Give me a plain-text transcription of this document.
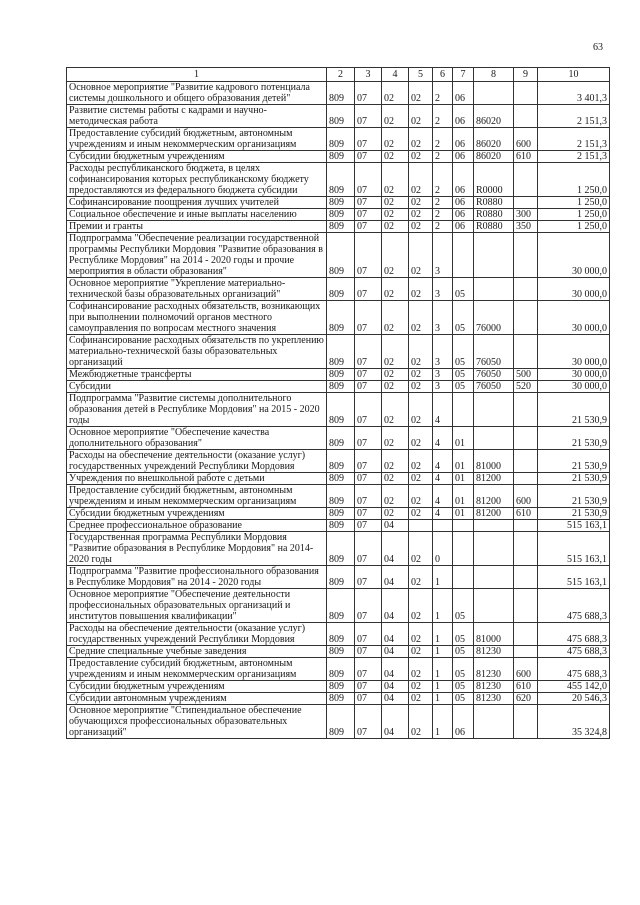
63
1	2	3	4	5	6	7	8	9	10
Основное мероприятие "Развитие кадрового потенциала системы дошкольного и общего образования детей"	809	07	02	02	2	06			3 401,3
Развитие системы работы с кадрами и научно-методическая работа	809	07	02	02	2	06	86020		2 151,3
Предоставление субсидий бюджетным, автономным учреждениям и иным некоммерческим организациям	809	07	02	02	2	06	86020	600	2 151,3
Субсидии бюджетным учреждениям	809	07	02	02	2	06	86020	610	2 151,3
Расходы республиканского бюджета, в целях софинансирования которых республиканскому бюджету предоставляются из федерального бюджета субсидии	809	07	02	02	2	06	R0000		1 250,0
Софинансирование поощрения лучших учителей	809	07	02	02	2	06	R0880		1 250,0
Социальное обеспечение и иные выплаты населению	809	07	02	02	2	06	R0880	300	1 250,0
Премии и гранты	809	07	02	02	2	06	R0880	350	1 250,0
Подпрограмма "Обеспечение реализации государственной программы Республики Мордовия "Развитие образования в Республике Мордовия" на 2014 - 2020 годы и прочие мероприятия в области образования"	809	07	02	02	3				30 000,0
Основное мероприятие "Укрепление материально-технической базы образовательных организаций"	809	07	02	02	3	05			30 000,0
Софинансирование расходных обязательств, возникающих при выполнении полномочий органов местного самоуправления по вопросам местного значения	809	07	02	02	3	05	76000		30 000,0
Софинансирование расходных обязательств по укреплению материально-технической базы образовательных организаций	809	07	02	02	3	05	76050		30 000,0
Межбюджетные трансферты	809	07	02	02	3	05	76050	500	30 000,0
Субсидии	809	07	02	02	3	05	76050	520	30 000,0
Подпрограмма "Развитие системы дополнительного образования детей в Республике Мордовия" на 2015 - 2020 годы	809	07	02	02	4				21 530,9
Основное мероприятие "Обеспечение качества дополнительного образования"	809	07	02	02	4	01			21 530,9
Расходы на обеспечение деятельности (оказание услуг) государственных учреждений Республики Мордовия	809	07	02	02	4	01	81000		21 530,9
Учреждения по внешкольной работе с детьми	809	07	02	02	4	01	81200		21 530,9
Предоставление субсидий бюджетным, автономным учреждениям и иным некоммерческим организациям	809	07	02	02	4	01	81200	600	21 530,9
Субсидии бюджетным учреждениям	809	07	02	02	4	01	81200	610	21 530,9
Среднее профессиональное образование	809	07	04						515 163,1
Государственная программа Республики Мордовия "Развитие образования в Республике Мордовия" на 2014-2020 годы	809	07	04	02	0				515 163,1
Подпрограмма "Развитие профессионального образования в Республике Мордовия" на 2014 - 2020 годы	809	07	04	02	1				515 163,1
Основное мероприятие "Обеспечение деятельности профессиональных образовательных организаций и институтов повышения квалификации"	809	07	04	02	1	05			475 688,3
Расходы на обеспечение деятельности (оказание услуг) государственных учреждений Республики Мордовия	809	07	04	02	1	05	81000		475 688,3
Средние специальные учебные заведения	809	07	04	02	1	05	81230		475 688,3
Предоставление субсидий бюджетным, автономным учреждениям и иным некоммерческим организациям	809	07	04	02	1	05	81230	600	475 688,3
Субсидии бюджетным учреждениям	809	07	04	02	1	05	81230	610	455 142,0
Субсидии автономным учреждениям	809	07	04	02	1	05	81230	620	20 546,3
Основное мероприятие "Стипендиальное обеспечение обучающихся профессиональных образовательных организаций"	809	07	04	02	1	06			35 324,8
